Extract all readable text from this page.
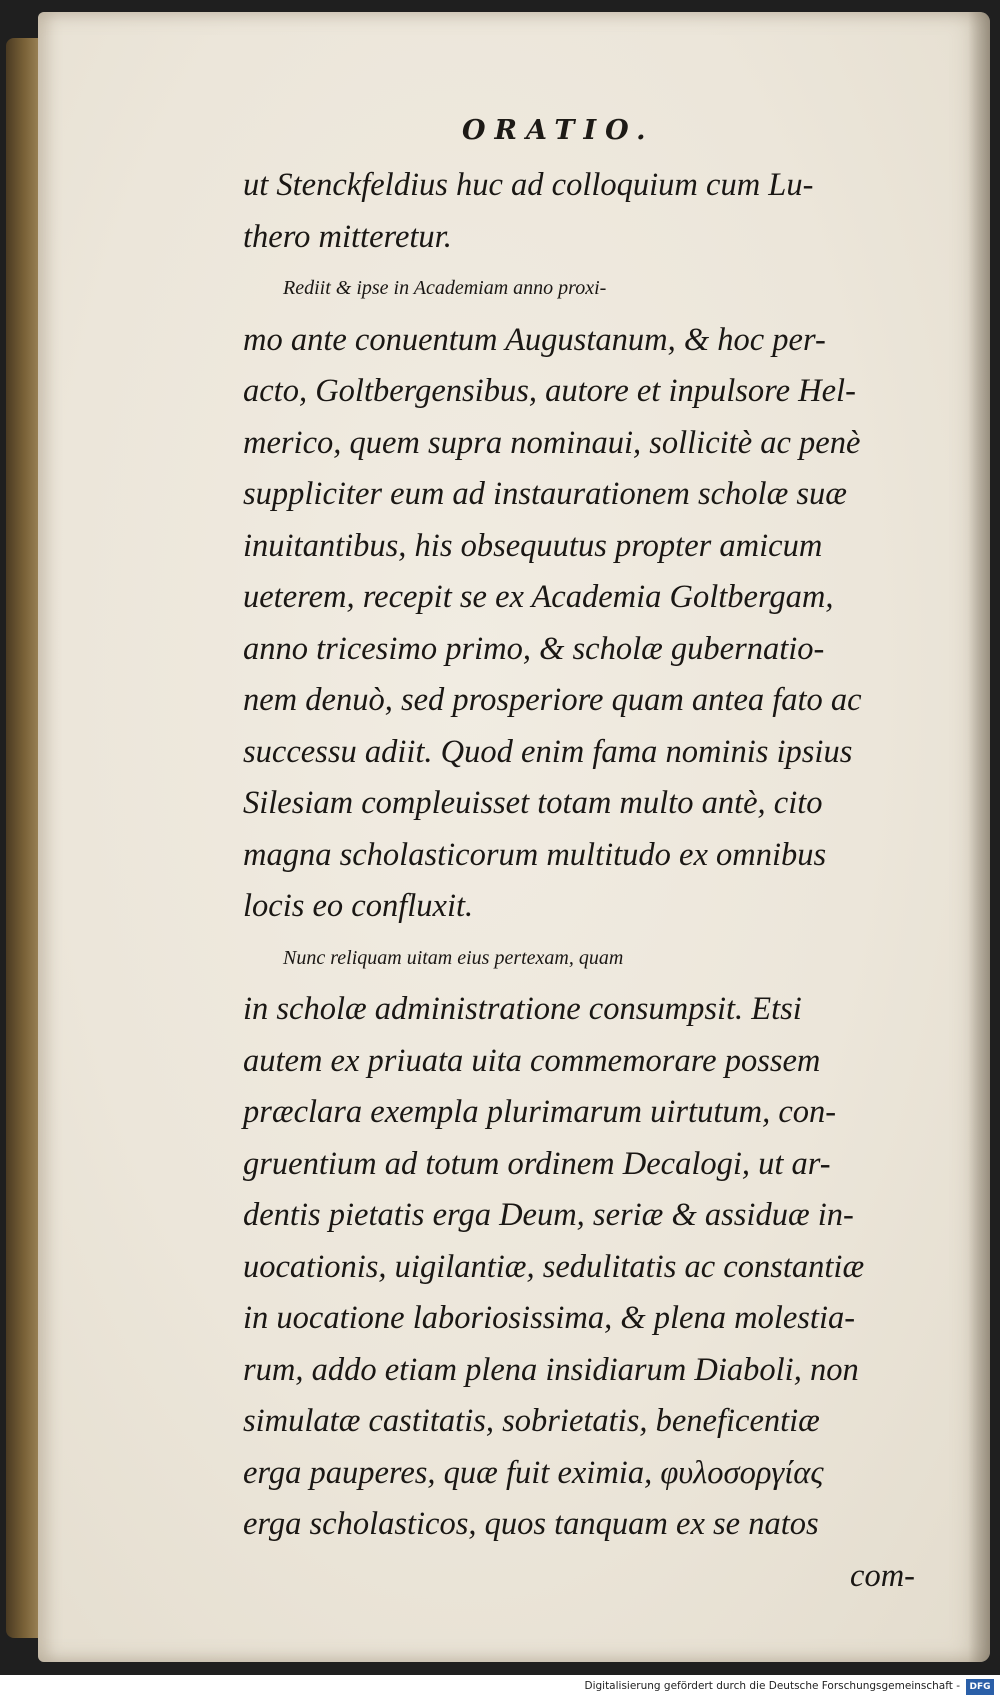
ORATIO.
ut Stenckfeldius huc ad colloquium cum Lu-
thero mitteretur.
Rediit & ipse in Academiam anno proxi-
mo ante conuentum Augustanum, & hoc per-
acto, Goltbergensibus, autore et inpulsore Hel-
merico, quem supra nominaui, sollicitè ac penè
suppliciter eum ad instaurationem scholæ suæ
inuitantibus, his obsequutus propter amicum
ueterem, recepit se ex Academia Goltbergam,
anno tricesimo primo, & scholæ gubernatio-
nem denuò, sed prosperiore quam antea fato ac
successu adiit. Quod enim fama nominis ipsius
Silesiam compleuisset totam multo antè, cito
magna scholasticorum multitudo ex omnibus
locis eo confluxit.
Nunc reliquam uitam eius pertexam, quam
in scholæ administratione consumpsit. Etsi
autem ex priuata uita commemorare possem
præclara exempla plurimarum uirtutum, con-
gruentium ad totum ordinem Decalogi, ut ar-
dentis pietatis erga Deum, seriæ & assiduæ in-
uocationis, uigilantiæ, sedulitatis ac constantiæ
in uocatione laboriosissima, & plena molestia-
rum, addo etiam plena insidiarum Diaboli, non
simulatæ castitatis, sobrietatis, beneficentiæ
erga pauperes, quæ fuit eximia, φυλοσοργίας
erga scholasticos, quos tanquam ex se natos
com-
Digitalisierung gefördert durch die Deutsche Forschungsgemeinschaft -	DFG
